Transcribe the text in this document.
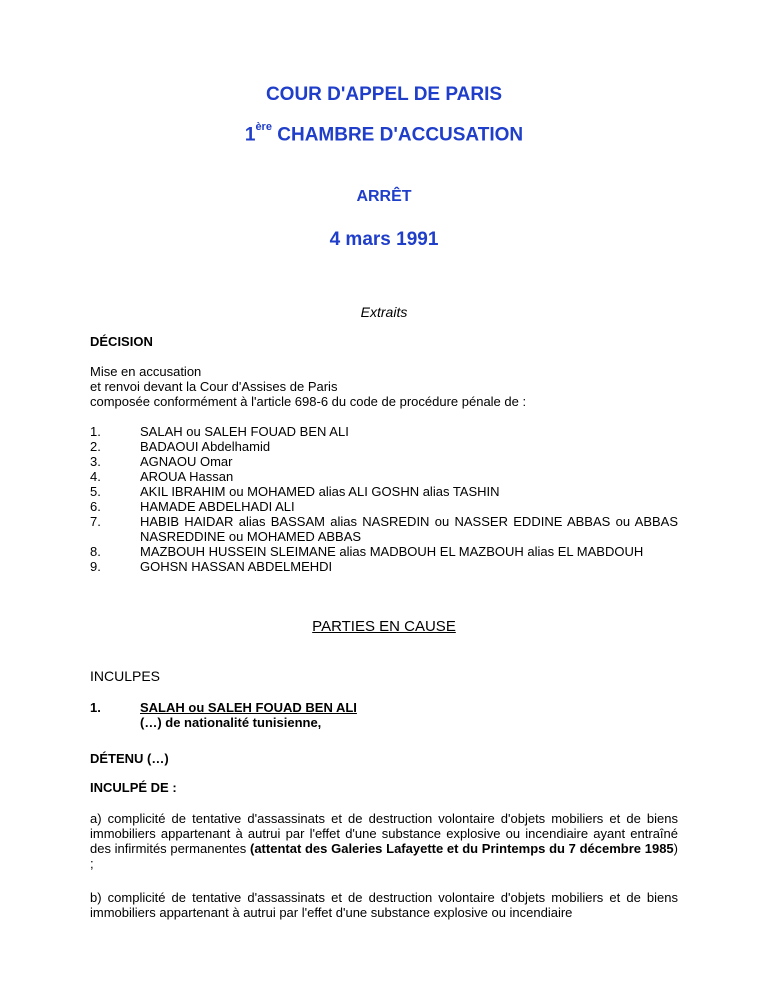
COUR D'APPEL DE PARIS
1ère CHAMBRE D'ACCUSATION
ARRÊT
4 mars 1991
Extraits
DÉCISION
Mise en accusation
et renvoi devant la Cour d'Assises de Paris
composée conformément à l'article 698-6 du code de procédure pénale de :
1.	SALAH ou SALEH FOUAD BEN ALI
2.	BADAOUI Abdelhamid
3.	AGNAOU Omar
4.	AROUA Hassan
5.	AKIL IBRAHIM ou MOHAMED alias ALI GOSHN alias TASHIN
6.	HAMADE ABDELHADI ALI
7.	HABIB HAIDAR alias BASSAM alias NASREDIN ou NASSER EDDINE ABBAS ou ABBAS NASREDDINE ou MOHAMED ABBAS
8.	MAZBOUH HUSSEIN SLEIMANE alias MADBOUH EL MAZBOUH alias EL MABDOUH
9.	GOHSN HASSAN ABDELMEHDI
PARTIES EN CAUSE
INCULPES
1.	SALAH ou SALEH FOUAD BEN ALI
(…) de nationalité tunisienne,
DÉTENU (…)
INCULPÉ DE :
a) complicité de tentative d'assassinats et de destruction volontaire d'objets mobiliers et de biens immobiliers appartenant à autrui par l'effet d'une substance explosive ou incendiaire ayant entraîné des infirmités permanentes (attentat des Galeries Lafayette et du Printemps du 7 décembre 1985) ;
b) complicité de tentative d'assassinats et de destruction volontaire d'objets mobiliers et de biens immobiliers appartenant à autrui par l'effet d'une substance explosive ou incendiaire
